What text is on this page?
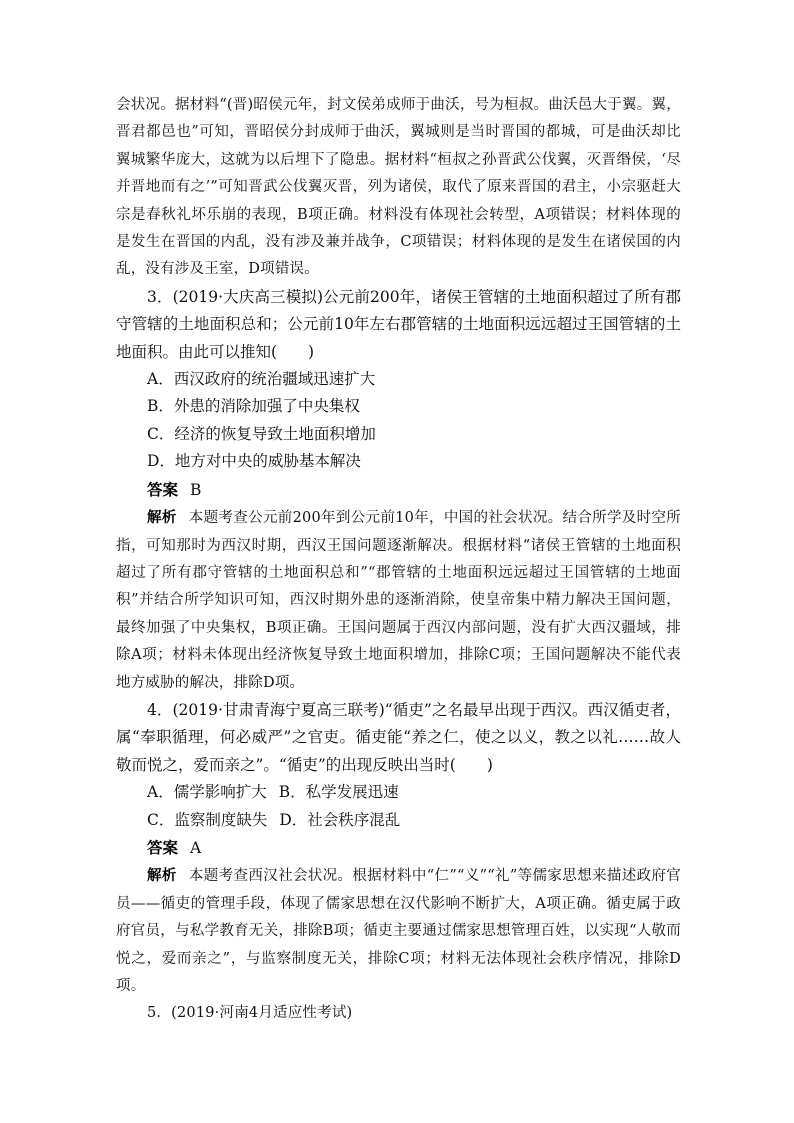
会状况。据材料“(晋)昭侯元年，封文侯弟成师于曲沃，号为桓叔。曲沃邑大于翼。翼，晋君都邑也”可知，晋昭侯分封成师于曲沃，翼城则是当时晋国的都城，可是曲沃却比翼城繁华庞大，这就为以后埋下了隐患。据材料“桓叔之孙晋武公伐翼，灭晋缗侯，‘尽并晋地而有之’”可知晋武公伐翼灭晋，列为诸侯，取代了原来晋国的君主，小宗驱赶大宗是春秋礼坏乐崩的表现，B项正确。材料没有体现社会转型，A项错误；材料体现的是发生在晋国的内乱，没有涉及兼并战争，C项错误；材料体现的是发生在诸侯国的内乱，没有涉及王室，D项错误。

3．(2019·大庆高三模拟)公元前200年，诸侯王管辖的土地面积超过了所有郡守管辖的土地面积总和；公元前10年左右郡管辖的土地面积远远超过王国管辖的土地面积。由此可以推知(　　)

A．西汉政府的统治疆域迅速扩大

B．外患的消除加强了中央集权

C．经济的恢复导致土地面积增加

D．地方对中央的威胁基本解决

答案 B

解析 本题考查公元前200年到公元前10年，中国的社会状况。结合所学及时空所指，可知那时为西汉时期，西汉王国问题逐渐解决。根据材料“诸侯王管辖的土地面积超过了所有郡守管辖的土地面积总和”“郡管辖的土地面积远远超过王国管辖的土地面积”并结合所学知识可知，西汉时期外患的逐渐消除，使皇帝集中精力解决王国问题，最终加强了中央集权，B项正确。王国问题属于西汉内部问题，没有扩大西汉疆域，排除A项；材料未体现出经济恢复导致土地面积增加，排除C项；王国问题解决不能代表地方威胁的解决，排除D项。

4．(2019·甘肃青海宁夏高三联考)“循吏”之名最早出现于西汉。西汉循吏者，属“奉职循理，何必威严”之官吏。循吏能“养之仁，使之以义，教之以礼……故人敬而悦之，爱而亲之”。“循吏”的出现反映出当时(　　)

A．儒学影响扩大 B．私学发展迅速

C．监察制度缺失 D．社会秩序混乱

答案 A

解析 本题考查西汉社会状况。根据材料中“仁”“义”“礼”等儒家思想来描述政府官员——循吏的管理手段，体现了儒家思想在汉代影响不断扩大，A项正确。循吏属于政府官员，与私学教育无关，排除B项；循吏主要通过儒家思想管理百姓，以实现“人敬而悦之，爱而亲之”，与监察制度无关，排除C项；材料无法体现社会秩序情况，排除D项。

5．(2019·河南4月适应性考试)
